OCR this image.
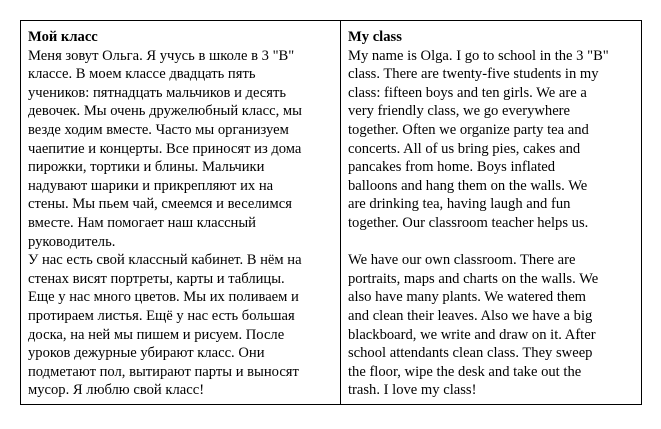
Мой класс
Меня зовут Ольга. Я учусь в школе в 3 "В"
классе. В моем классе двадцать пять
учеников: пятнадцать мальчиков и десять
девочек. Мы очень дружелюбный класс, мы
везде ходим вместе. Часто мы организуем
чаепитие и концерты. Все приносят из дома
пирожки, тортики и блины. Мальчики
надувают шарики и прикрепляют их на
стены. Мы пьем чай, смеемся и веселимся
вместе. Нам помогает наш классный
руководитель.
У нас есть свой классный кабинет. В нём на
стенах висят портреты, карты и таблицы.
Еще у нас много цветов. Мы их поливаем и
протираем листья. Ещё у нас есть большая
доска, на ней мы пишем и рисуем. После
уроков дежурные убирают класс. Они
подметают пол, вытирают парты и выносят
мусор. Я люблю свой класс!
My class
My name is Olga. I go to school in the 3 "B"
class. There are twenty-five students in my
class: fifteen boys and ten girls. We are a
very friendly class, we go everywhere
together. Often we organize party tea and
concerts. All of us bring pies, cakes and
pancakes from home. Boys inflated
balloons and hang them on the walls. We
are drinking tea, having laugh and fun
together. Our classroom teacher helps us.
We have our own classroom. There are
portraits, maps and charts on the walls. We
also have many plants. We watered them
and clean their leaves. Also we have a big
blackboard, we write and draw on it. After
school attendants clean class. They sweep
the floor, wipe the desk and take out the
trash. I love my class!
